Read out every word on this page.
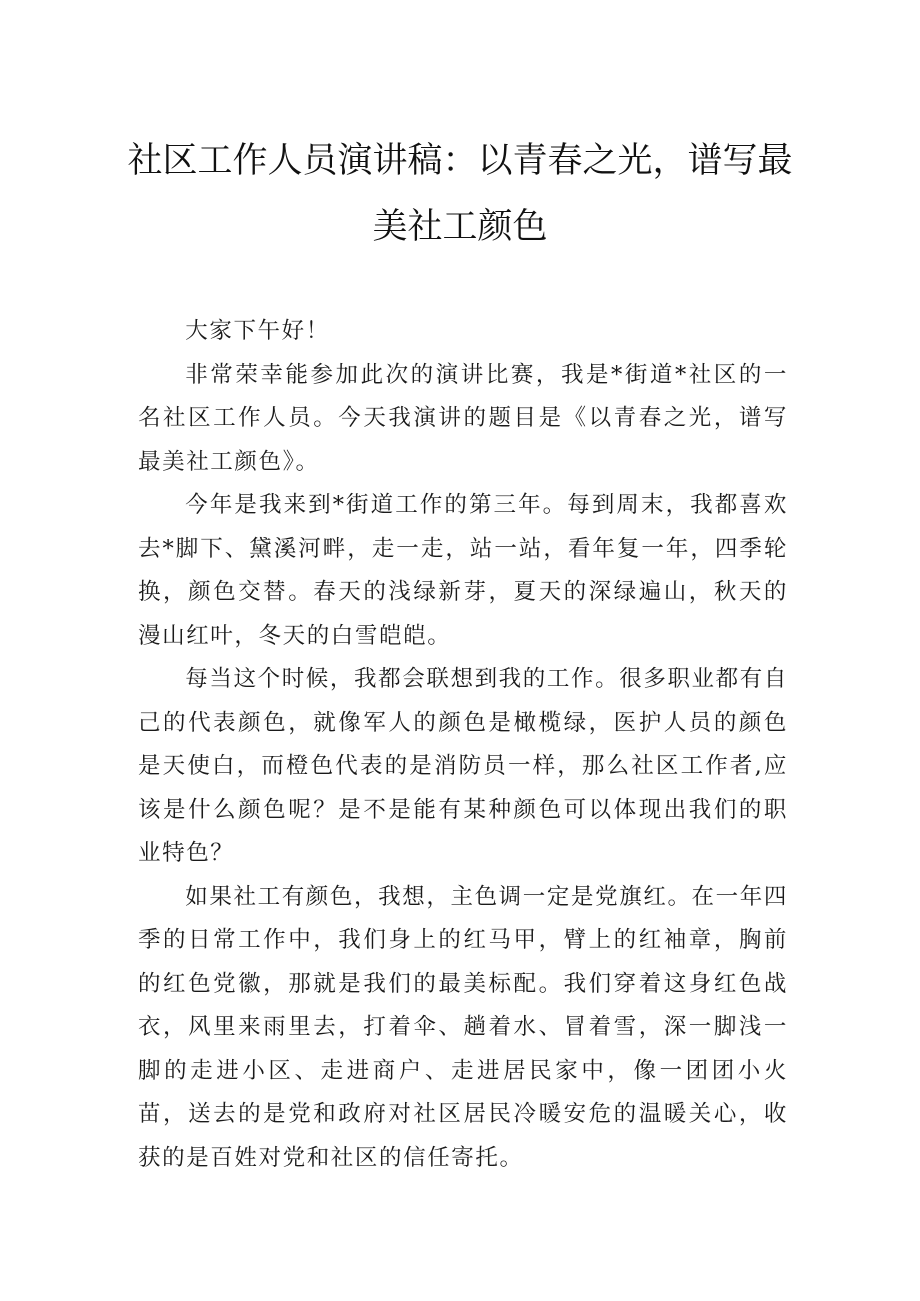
社区工作人员演讲稿：以青春之光，谱写最
美社工颜色

大家下午好！

非常荣幸能参加此次的演讲比赛，我是*街道*社区的一名社区工作人员。今天我演讲的题目是《以青春之光，谱写最美社工颜色》。

今年是我来到*街道工作的第三年。每到周末，我都喜欢去*脚下、黛溪河畔，走一走，站一站，看年复一年，四季轮换，颜色交替。春天的浅绿新芽，夏天的深绿遍山，秋天的漫山红叶，冬天的白雪皑皑。

每当这个时候，我都会联想到我的工作。很多职业都有自己的代表颜色，就像军人的颜色是橄榄绿，医护人员的颜色是天使白，而橙色代表的是消防员一样，那么社区工作者,应该是什么颜色呢？是不是能有某种颜色可以体现出我们的职业特色？

如果社工有颜色，我想，主色调一定是党旗红。在一年四季的日常工作中，我们身上的红马甲，臂上的红袖章，胸前的红色党徽，那就是我们的最美标配。我们穿着这身红色战衣，风里来雨里去，打着伞、趟着水、冒着雪，深一脚浅一脚的走进小区、走进商户、走进居民家中，像一团团小火苗，送去的是党和政府对社区居民冷暖安危的温暖关心，收获的是百姓对党和社区的信任寄托。
